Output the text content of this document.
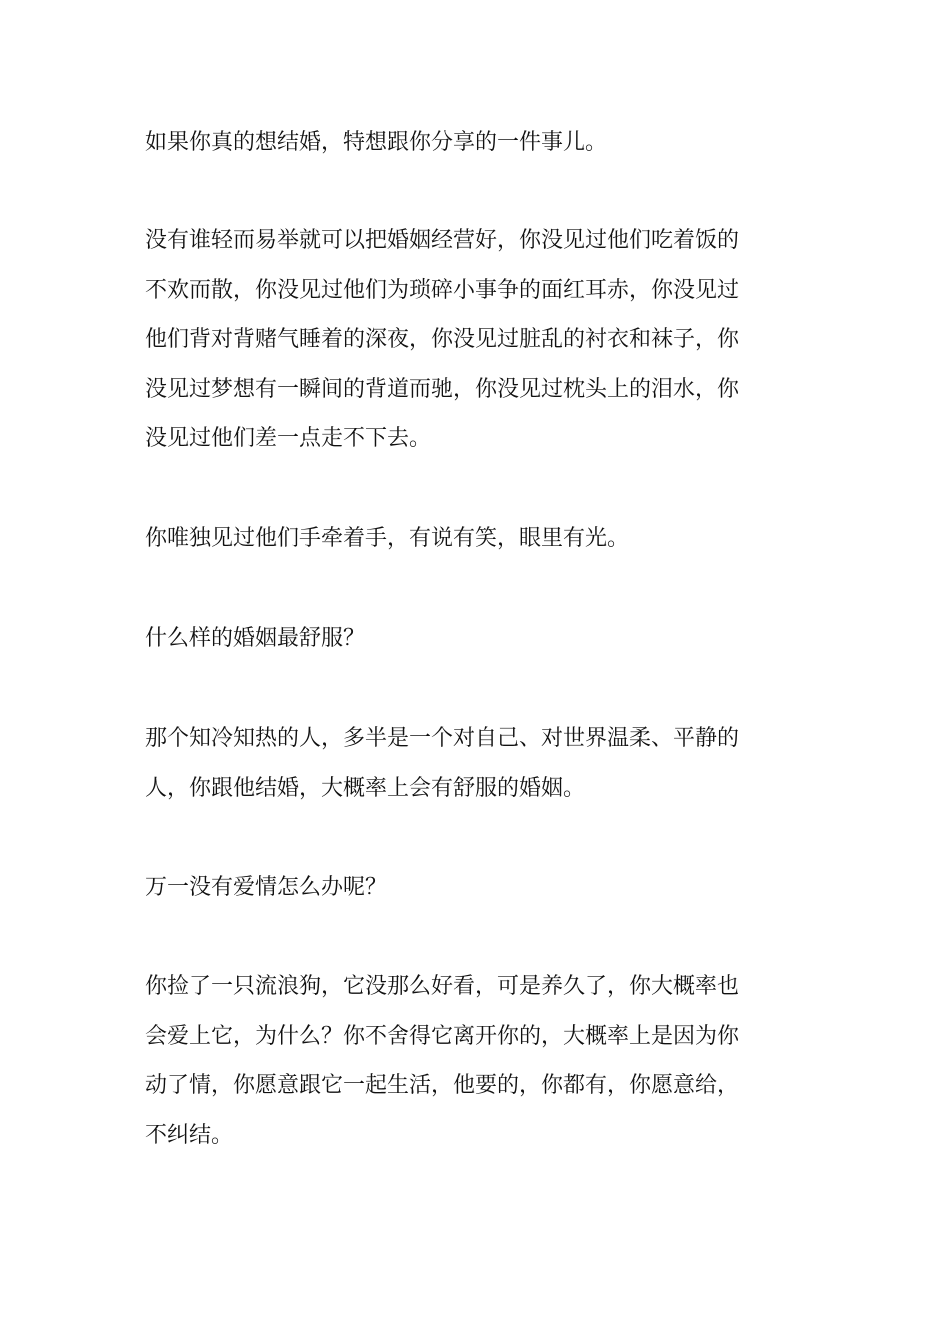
如果你真的想结婚，特想跟你分享的一件事儿。
没有谁轻而易举就可以把婚姻经营好，你没见过他们吃着饭的
不欢而散，你没见过他们为琐碎小事争的面红耳赤，你没见过
他们背对背赌气睡着的深夜，你没见过脏乱的衬衣和袜子，你
没见过梦想有一瞬间的背道而驰，你没见过枕头上的泪水，你
没见过他们差一点走不下去。
你唯独见过他们手牵着手，有说有笑，眼里有光。
什么样的婚姻最舒服？
那个知冷知热的人，多半是一个对自己、对世界温柔、平静的
人，你跟他结婚，大概率上会有舒服的婚姻。
万一没有爱情怎么办呢？
你捡了一只流浪狗，它没那么好看，可是养久了，你大概率也
会爱上它，为什么？你不舍得它离开你的，大概率上是因为你
动了情，你愿意跟它一起生活，他要的，你都有，你愿意给，
不纠结。
